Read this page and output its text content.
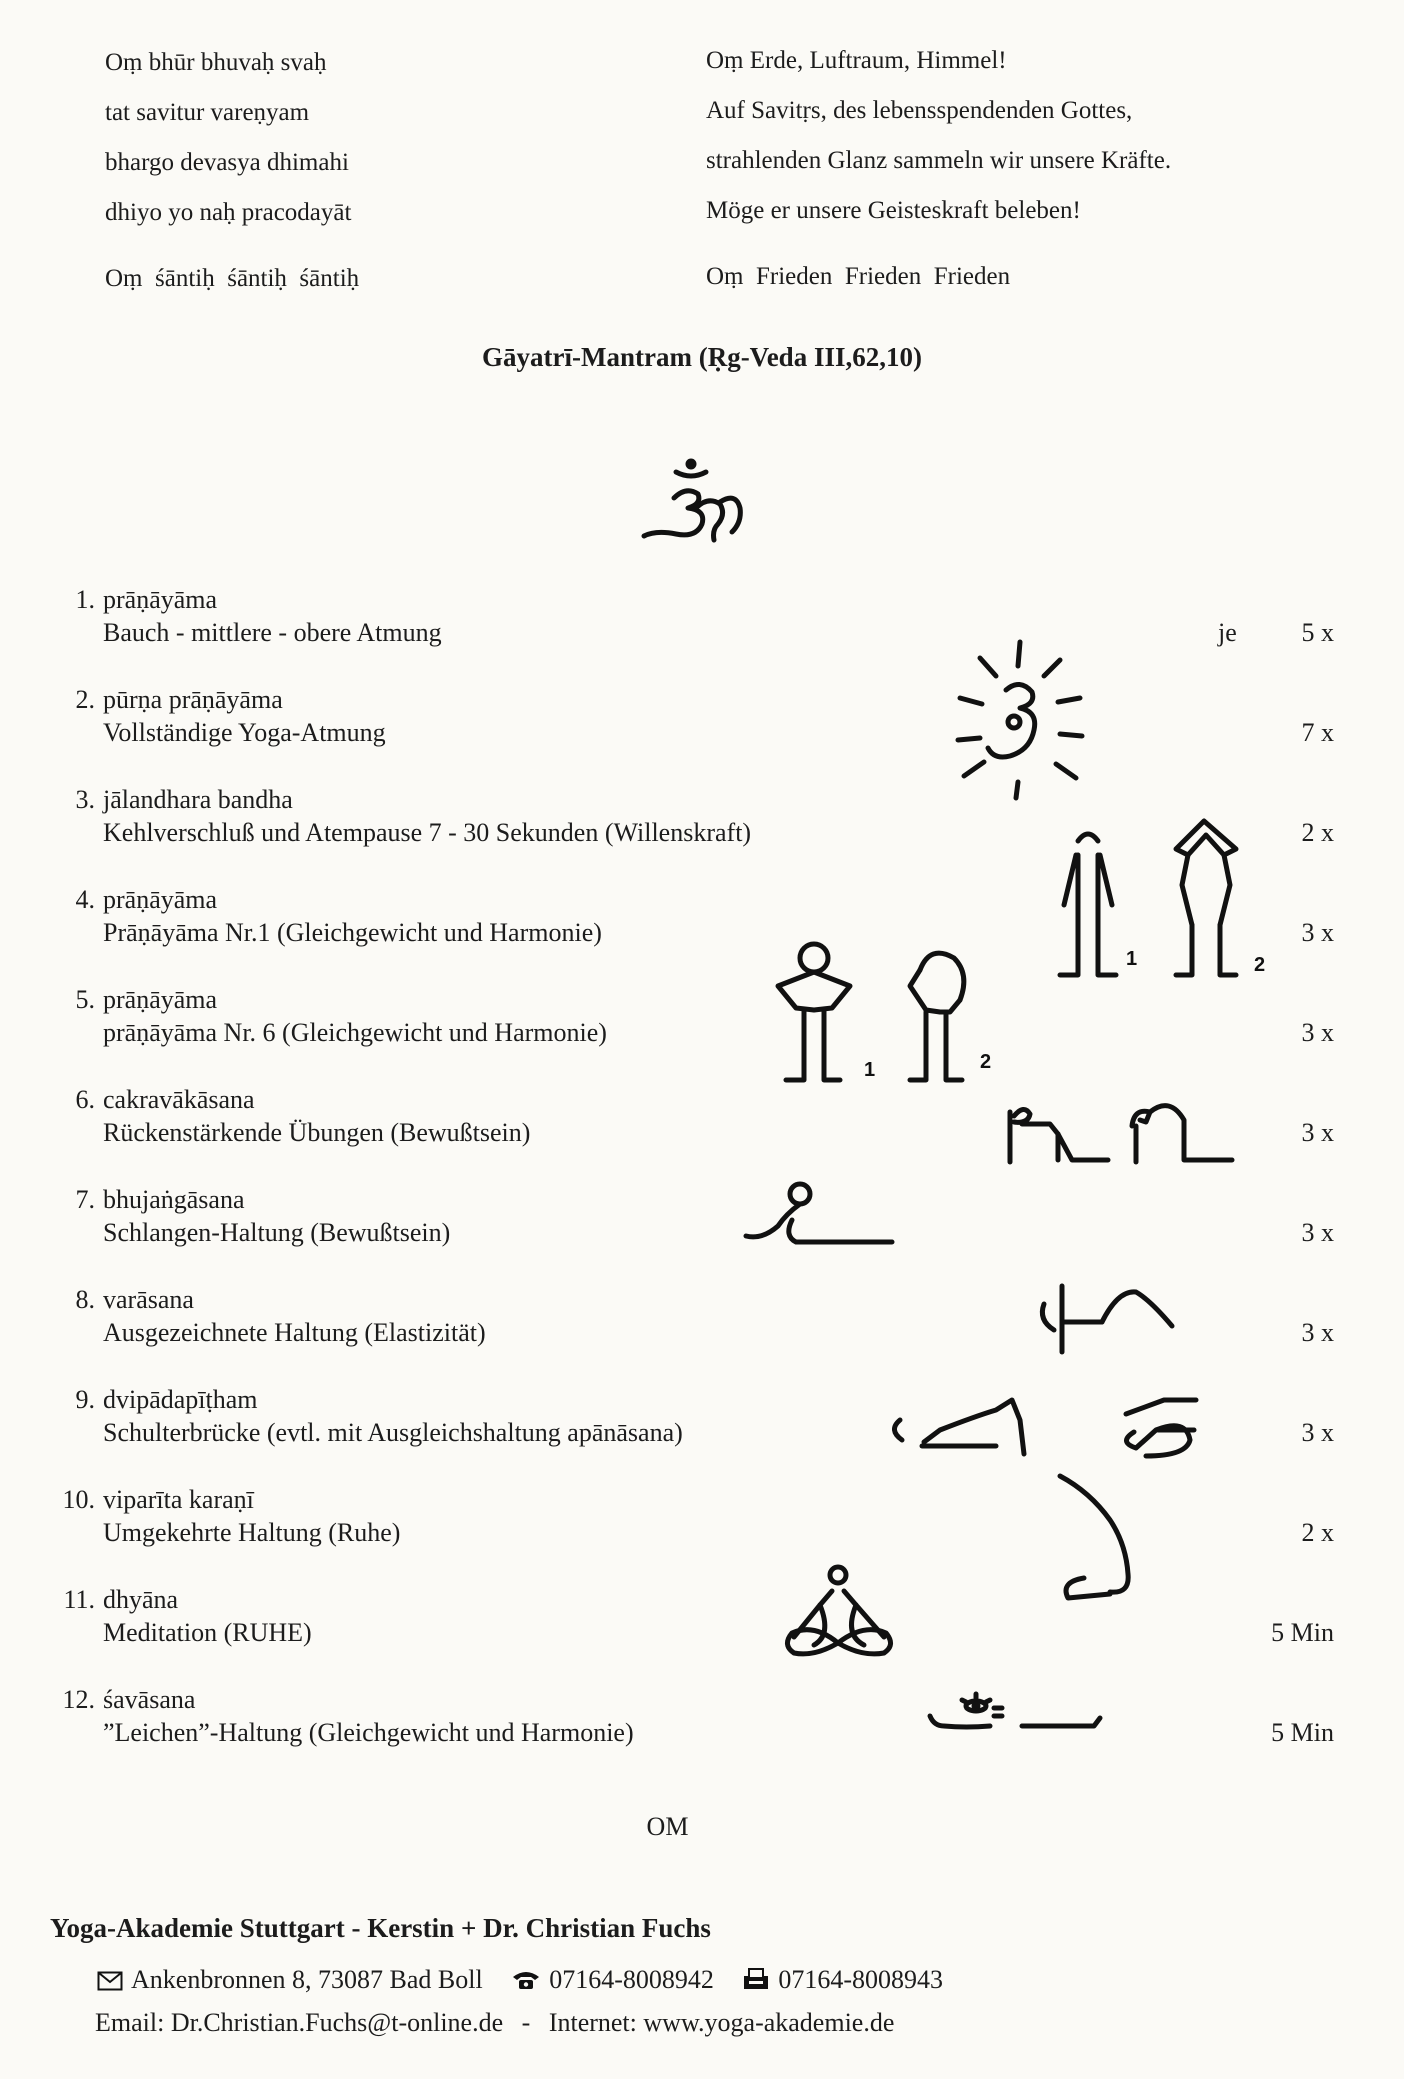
Oṃ bhūr bhuvaḥ svaḥ
tat savitur vareṇyam
bhargo devasya dhimahi
dhiyo yo naḥ pracodayāt
Oṃ  śāntiḥ  śāntiḥ  śāntiḥ
Oṃ Erde, Luftraum, Himmel!
Auf Savitṛs, des lebensspendenden Gottes,
strahlenden Glanz sammeln wir unsere Kräfte.
Möge er unsere Geisteskraft beleben!
Oṃ  Frieden  Frieden  Frieden
Gāyatrī-Mantram (Ṛg-Veda III,62,10)
1. prāṇāyāma
Bauch - mittlere - obere Atmung	je 5 x
2. pūrṇa prāṇāyāma
Vollständige Yoga-Atmung	7 x
3. jālandhara bandha
Kehlverschluß und Atempause 7 - 30 Sekunden (Willenskraft)	2 x
4. prāṇāyāma
Prāṇāyāma Nr.1 (Gleichgewicht und Harmonie)	3 x
5. prāṇāyāma
prāṇāyāma Nr. 6 (Gleichgewicht und Harmonie)	3 x
6. cakravākāsana
Rückenstärkende Übungen (Bewußtsein)	3 x
7. bhujaṅgāsana
Schlangen-Haltung (Bewußtsein)	3 x
8. varāsana
Ausgezeichnete Haltung (Elastizität)	3 x
9. dvipādapīṭham
Schulterbrücke (evtl. mit Ausgleichshaltung apānāsana)	3 x
10. viparīta karaṇī
Umgekehrte Haltung (Ruhe)	2 x
11. dhyāna
Meditation (RUHE)	5 Min
12. śavāsana
”Leichen”-Haltung (Gleichgewicht und Harmonie)	5 Min
1	2
1	2
OM
Yoga-Akademie Stuttgart - Kerstin + Dr. Christian Fuchs
Ankenbronnen 8, 73087 Bad Boll	07164-8008942 07164-8008943
Email: Dr.Christian.Fuchs@t-online.de - Internet: www.yoga-akademie.de
